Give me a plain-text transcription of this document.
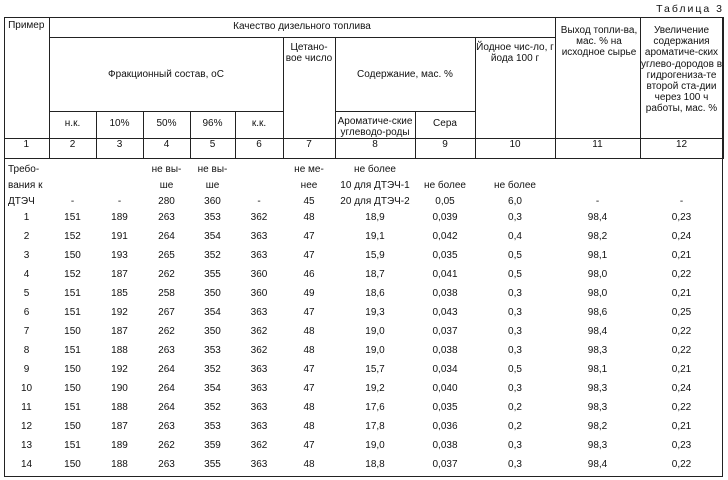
Таблица 3
Пример	Качество дизельного топлива									Выход топли-ва, мас. % на исходное сырье	Увеличение содержания ароматиче-ских углево-дородов в гидрогениза-те второй ста-дии через 100 ч работы, мас. %
	Фракционный состав, оС					Цетано-вое число	Содержание, мас. %		Йодное чис-ло, г йода 100 г		
	н.к.	10%	50%	96%	к.к.		Ароматиче-ские углеводо-роды	Сера			
1	2	3	4	5	6	7	8	9	10	11	12
Требо-			не вы-	не вы-		не ме-	не более				
вания к			ше	ше		нее	10 для ДТЭЧ-1	не более	не более		
ДТЭЧ	-	-	280	360	-	45	20 для ДТЭЧ-2	0,05	6,0	-	-
1	151	189	263	353	362	48	18,9	0,039	0,3	98,4	0,23
2	152	191	264	354	363	47	19,1	0,042	0,4	98,2	0,24
3	150	193	265	352	363	47	15,9	0,035	0,5	98,1	0,21
4	152	187	262	355	360	46	18,7	0,041	0,5	98,0	0,22
5	151	185	258	350	360	49	18,6	0,038	0,3	98,0	0,21
6	151	192	267	354	363	47	19,3	0,043	0,3	98,6	0,25
7	150	187	262	350	362	48	19,0	0,037	0,3	98,4	0,22
8	151	188	263	353	362	48	19,0	0,038	0,3	98,3	0,22
9	150	192	264	352	363	47	15,7	0,034	0,5	98,1	0,21
10	150	190	264	354	363	47	19,2	0,040	0,3	98,3	0,24
11	151	188	264	352	363	48	17,6	0,035	0,2	98,3	0,22
12	150	187	263	353	363	48	17,8	0,036	0,2	98,2	0,21
13	151	189	262	359	362	47	19,0	0,038	0,3	98,3	0,23
14	150	188	263	355	363	48	18,8	0,037	0,3	98,4	0,22
